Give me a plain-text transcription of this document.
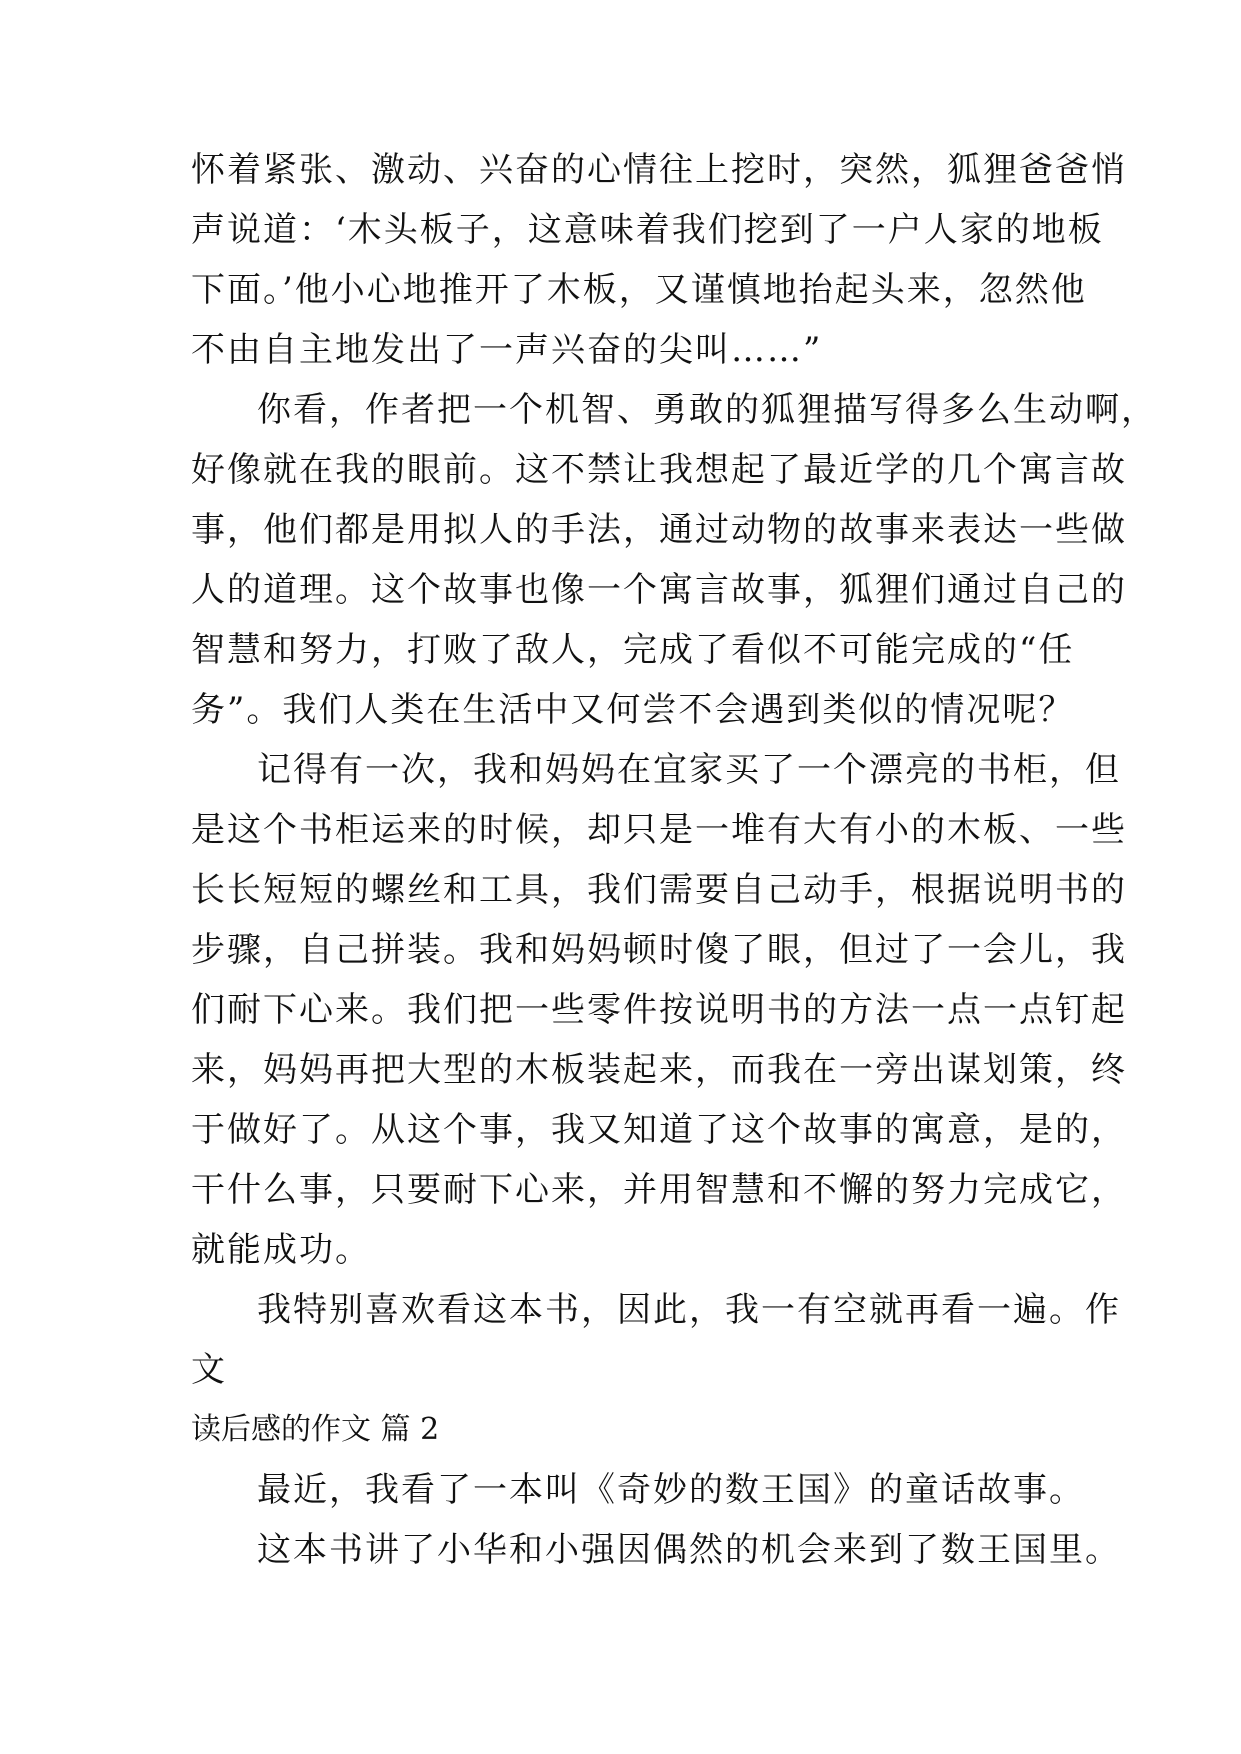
怀着紧张、激动、兴奋的心情往上挖时，突然，狐狸爸爸悄
声说道：‘木头板子，这意味着我们挖到了一户人家的地板
下面。’他小心地推开了木板，又谨慎地抬起头来，忽然他
不由自主地发出了一声兴奋的尖叫……”
你看，作者把一个机智、勇敢的狐狸描写得多么生动啊，
好像就在我的眼前。这不禁让我想起了最近学的几个寓言故
事，他们都是用拟人的手法，通过动物的故事来表达一些做
人的道理。这个故事也像一个寓言故事，狐狸们通过自己的
智慧和努力，打败了敌人，完成了看似不可能完成的“任
务”。我们人类在生活中又何尝不会遇到类似的情况呢？
记得有一次，我和妈妈在宜家买了一个漂亮的书柜，但
是这个书柜运来的时候，却只是一堆有大有小的木板、一些
长长短短的螺丝和工具，我们需要自己动手，根据说明书的
步骤，自己拼装。我和妈妈顿时傻了眼，但过了一会儿，我
们耐下心来。我们把一些零件按说明书的方法一点一点钉起
来，妈妈再把大型的木板装起来，而我在一旁出谋划策，终
于做好了。从这个事，我又知道了这个故事的寓意，是的，
干什么事，只要耐下心来，并用智慧和不懈的努力完成它，
就能成功。
我特别喜欢看这本书，因此，我一有空就再看一遍。作
文
读后感的作文 篇 2
最近，我看了一本叫《奇妙的数王国》的童话故事。
这本书讲了小华和小强因偶然的机会来到了数王国里。
